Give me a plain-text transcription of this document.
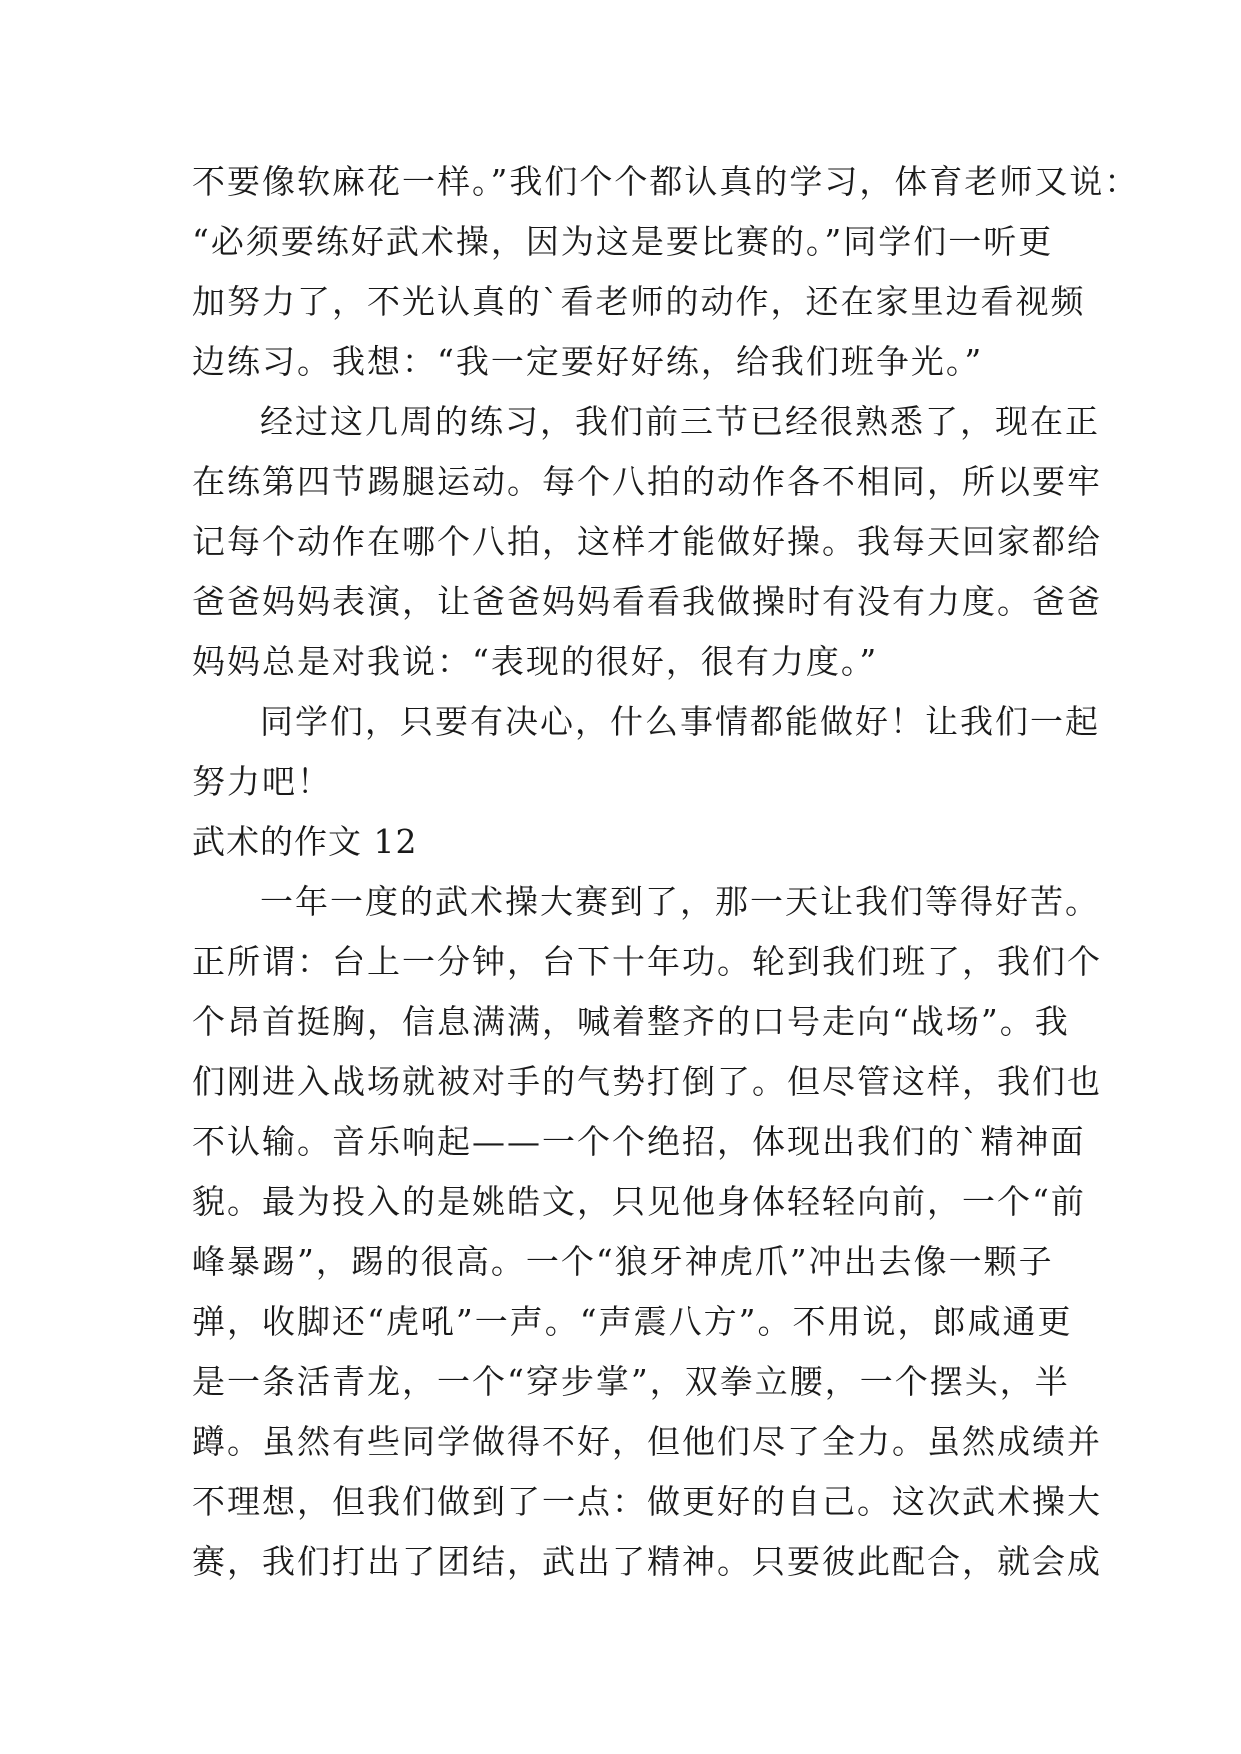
不要像软麻花一样。”我们个个都认真的学习，体育老师又说：
“必须要练好武术操，因为这是要比赛的。”同学们一听更
加努力了，不光认真的`看老师的动作，还在家里边看视频
边练习。我想：“我一定要好好练，给我们班争光。”
经过这几周的练习，我们前三节已经很熟悉了，现在正
在练第四节踢腿运动。每个八拍的动作各不相同，所以要牢
记每个动作在哪个八拍，这样才能做好操。我每天回家都给
爸爸妈妈表演，让爸爸妈妈看看我做操时有没有力度。爸爸
妈妈总是对我说：“表现的很好，很有力度。”
同学们，只要有决心，什么事情都能做好！让我们一起
努力吧！
武术的作文 12
一年一度的武术操大赛到了，那一天让我们等得好苦。
正所谓：台上一分钟，台下十年功。轮到我们班了，我们个
个昂首挺胸，信息满满，喊着整齐的口号走向“战场”。我
们刚进入战场就被对手的气势打倒了。但尽管这样，我们也
不认输。音乐响起——一个个绝招，体现出我们的`精神面
貌。最为投入的是姚皓文，只见他身体轻轻向前，一个“前
峰暴踢”，踢的很高。一个“狼牙神虎爪”冲出去像一颗子
弹，收脚还“虎吼”一声。“声震八方”。不用说，郎咸通更
是一条活青龙，一个“穿步掌”，双拳立腰，一个摆头，半
蹲。虽然有些同学做得不好，但他们尽了全力。虽然成绩并
不理想，但我们做到了一点：做更好的自己。这次武术操大
赛，我们打出了团结，武出了精神。只要彼此配合，就会成
